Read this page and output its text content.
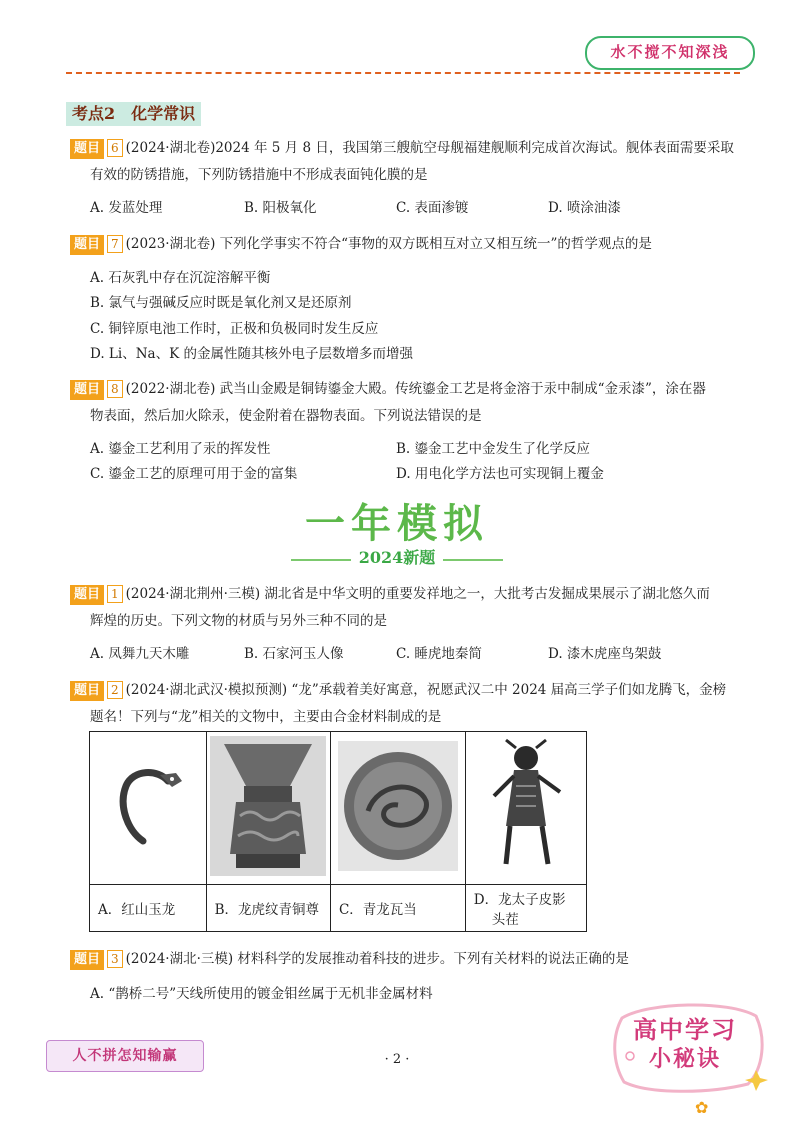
水不搅不知深浅
考点2　化学常识
题目 6 (2024·湖北卷)2024 年 5 月 8 日，我国第三艘航空母舰福建舰顺利完成首次海试。舰体表面需要采取
有效的防锈措施，下列防锈措施中不形成表面钝化膜的是
A. 发蓝处理	B. 阳极氧化	C. 表面渗镀	D. 喷涂油漆
题目 7 (2023·湖北卷) 下列化学事实不符合“事物的双方既相互对立又相互统一”的哲学观点的是
A. 石灰乳中存在沉淀溶解平衡
B. 氯气与强碱反应时既是氧化剂又是还原剂
C. 铜锌原电池工作时，正极和负极同时发生反应
D. Li、Na、K 的金属性随其核外电子层数增多而增强
题目 8 (2022·湖北卷) 武当山金殿是铜铸鎏金大殿。传统鎏金工艺是将金溶于汞中制成“金汞漆”，涂在器
物表面，然后加火除汞，使金附着在器物表面。下列说法错误的是
A. 鎏金工艺利用了汞的挥发性	B. 鎏金工艺中金发生了化学反应
C. 鎏金工艺的原理可用于金的富集	D. 用电化学方法也可实现铜上覆金
一年模拟
2024新题
题目 1 (2024·湖北荆州·三模) 湖北省是中华文明的重要发祥地之一，大批考古发掘成果展示了湖北悠久而
辉煌的历史。下列文物的材质与另外三种不同的是
A. 凤舞九天木雕	B. 石家河玉人像	C. 睡虎地秦简	D. 漆木虎座鸟架鼓
题目 2 (2024·湖北武汉·模拟预测) “龙”承载着美好寓意，祝愿武汉二中 2024 届高三学子们如龙腾飞，金榜
题名！下列与“龙”相关的文物中，主要由合金材料制成的是

A．红山玉龙	B．龙虎纹青铜尊	C．青龙瓦当	D．龙太子皮影
头茬
题目 3 (2024·湖北·三模) 材料科学的发展推动着科技的进步。下列有关材料的说法正确的是
A. “鹊桥二号”天线所使用的镀金钼丝属于无机非金属材料
人不拼怎知输赢	· 2 ·
高中学习
小秘诀
✿
